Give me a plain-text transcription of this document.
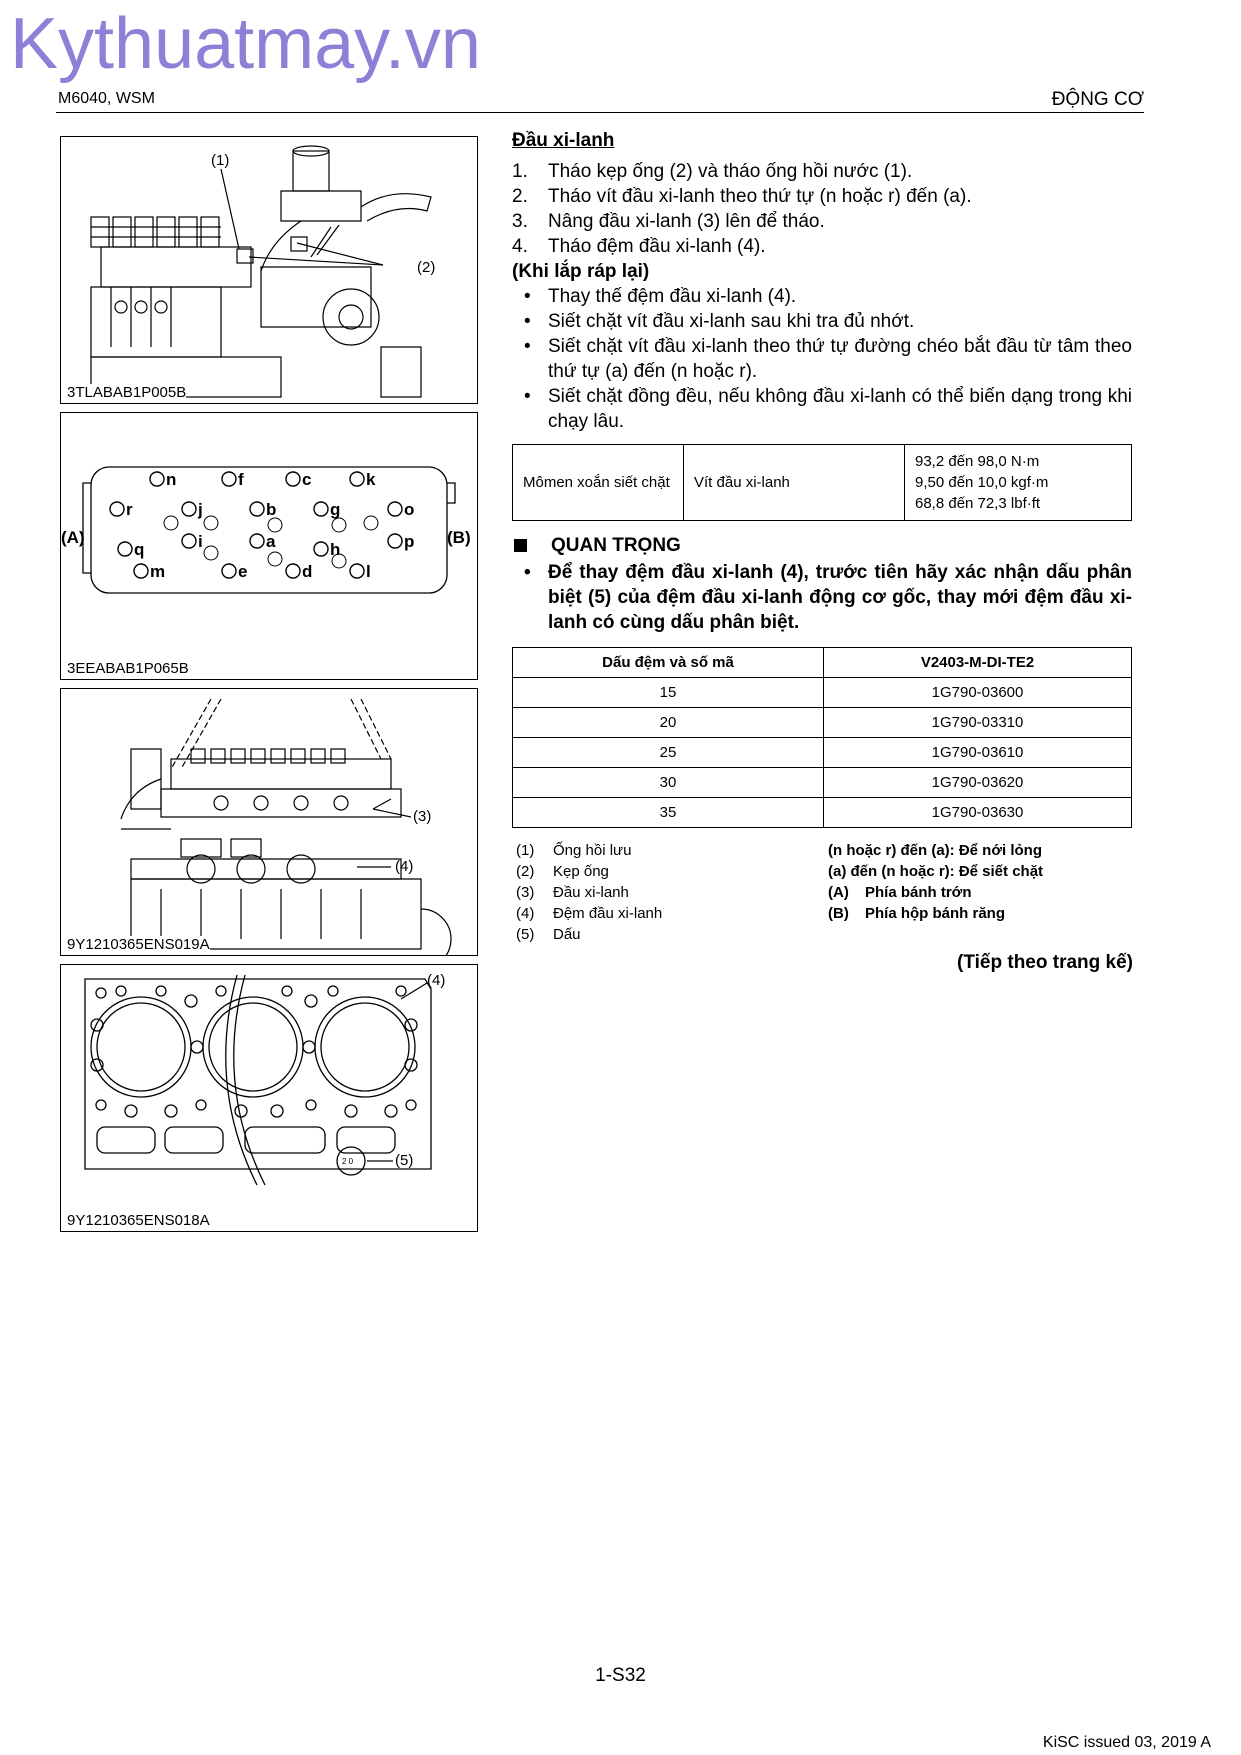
Kythuatmay.vn
M6040, WSM	ĐỘNG CƠ
(1)
(2)
3TLABAB1P005B
n	f	c	k
r	j	b	g	o
q	i	a	h	p
m	e	d	l
(A)	(B)
3EEABAB1P065B
(3)
(4)
9Y1210365ENS019A
2 0
(4)
(5)
9Y1210365ENS018A
Đầu xi-lanh
1. Tháo kẹp ống (2) và tháo ống hồi nước (1).
2. Tháo vít đầu xi-lanh theo thứ tự (n hoặc r) đến (a).
3. Nâng đầu xi-lanh (3) lên để tháo.
4. Tháo đệm đầu xi-lanh (4).
(Khi lắp ráp lại)
• Thay thế đệm đầu xi-lanh (4).
• Siết chặt vít đầu xi-lanh sau khi tra đủ nhớt.
• Siết chặt vít đầu xi-lanh theo thứ tự đường chéo bắt đầu từ tâm theo thứ tự (a) đến (n hoặc r).
• Siết chặt đồng đều, nếu không đầu xi-lanh có thể biến dạng trong khi chạy lâu.
Mômen xoắn siết chặt	Vít đầu xi-lanh	
93,2 đến 98,0 N·m
9,50 đến 10,0 kgf·m
68,8 đến 72,3 lbf·ft
QUAN TRỌNG
• Để thay đệm đầu xi-lanh (4), trước tiên hãy xác nhận dấu phân biệt (5) của đệm đầu xi-lanh động cơ gốc, thay mới đệm đầu xi-lanh có cùng dấu phân biệt.
Dấu đệm và số mã	V2403-M-DI-TE2
15	1G790-03600
20	1G790-03310
25	1G790-03610
30	1G790-03620
35	1G790-03630
(1)	Ống hồi lưu
(2)	Kẹp ống
(3)	Đầu xi-lanh
(4)	Đệm đầu xi-lanh
(5)	Dấu
(n hoặc r) đến (a): Để nới lỏng
(a) đến (n hoặc r): Để siết chặt
(A)	Phía bánh trớn
(B)	Phía hộp bánh răng
(Tiếp theo trang kế)
1-S32
KiSC issued 03, 2019 A
